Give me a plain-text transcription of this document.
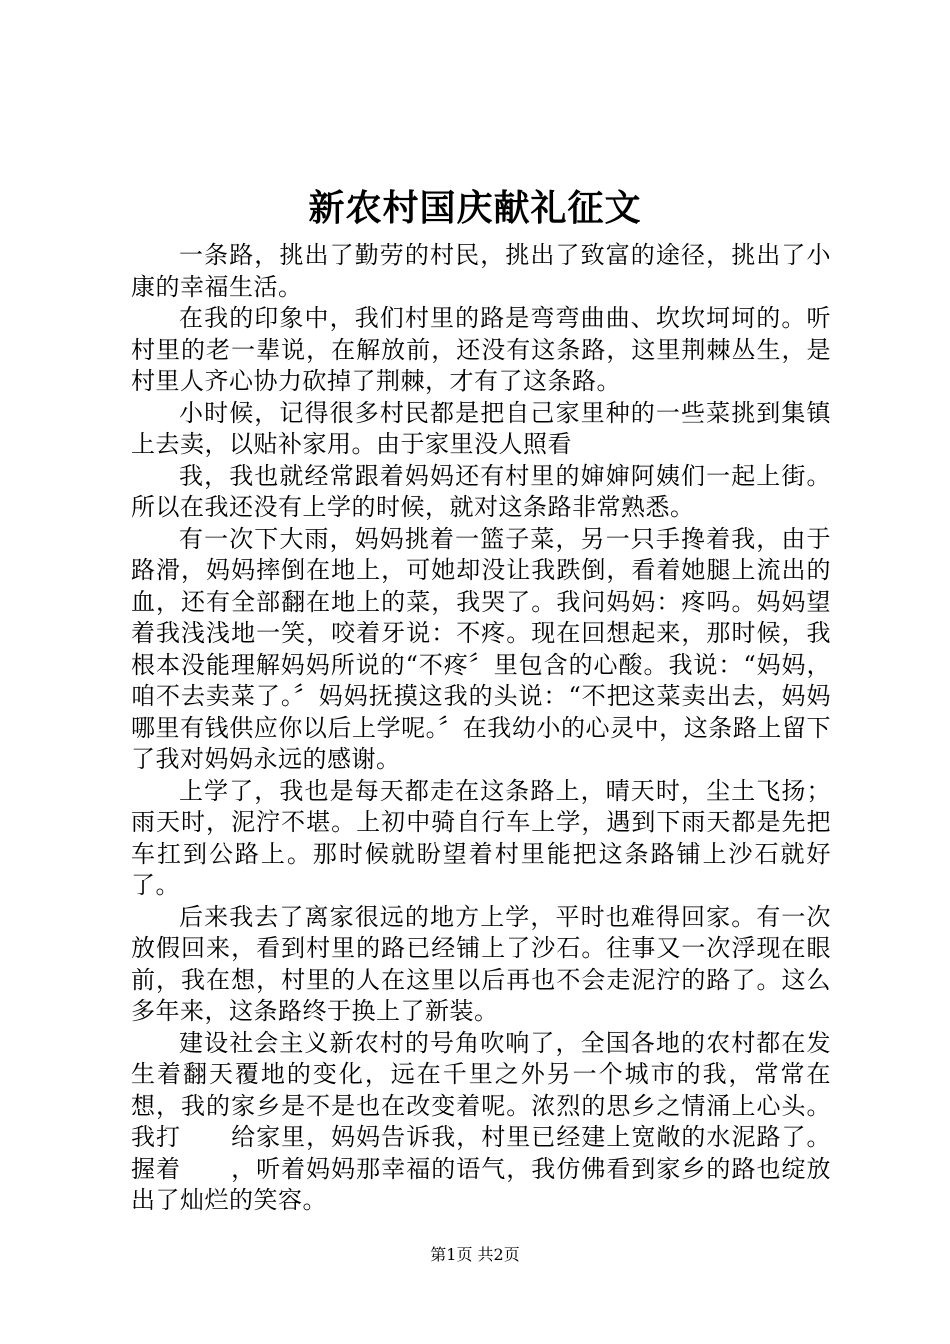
新农村国庆献礼征文

一条路，挑出了勤劳的村民，挑出了致富的途径，挑出了小康的幸福生活。

在我的印象中，我们村里的路是弯弯曲曲、坎坎坷坷的。听村里的老一辈说，在解放前，还没有这条路，这里荆棘丛生，是村里人齐心协力砍掉了荆棘，才有了这条路。

小时候，记得很多村民都是把自己家里种的一些菜挑到集镇上去卖，以贴补家用。由于家里没人照看

我，我也就经常跟着妈妈还有村里的婶婶阿姨们一起上街。所以在我还没有上学的时候，就对这条路非常熟悉。

有一次下大雨，妈妈挑着一篮子菜，另一只手搀着我，由于路滑，妈妈摔倒在地上，可她却没让我跌倒，看着她腿上流出的血，还有全部翻在地上的菜，我哭了。我问妈妈：疼吗。妈妈望着我浅浅地一笑，咬着牙说：不疼。现在回想起来，那时候，我根本没能理解妈妈所说的“不疼〞里包含的心酸。我说：“妈妈，咱不去卖菜了。〞妈妈抚摸这我的头说：“不把这菜卖出去，妈妈哪里有钱供应你以后上学呢。〞在我幼小的心灵中，这条路上留下了我对妈妈永远的感谢。

上学了，我也是每天都走在这条路上，晴天时，尘土飞扬；雨天时，泥泞不堪。上初中骑自行车上学，遇到下雨天都是先把车扛到公路上。那时候就盼望着村里能把这条路铺上沙石就好了。

后来我去了离家很远的地方上学，平时也难得回家。有一次放假回来，看到村里的路已经铺上了沙石。往事又一次浮现在眼前，我在想，村里的人在这里以后再也不会走泥泞的路了。这么多年来，这条路终于换上了新装。

建设社会主义新农村的号角吹响了，全国各地的农村都在发生着翻天覆地的变化，远在千里之外另一个城市的我，常常在想，我的家乡是不是也在改变着呢。浓烈的思乡之情涌上心头。我打　　给家里，妈妈告诉我，村里已经建上宽敞的水泥路了。握着　　，听着妈妈那幸福的语气，我仿佛看到家乡的路也绽放出了灿烂的笑容。

第1页 共2页
